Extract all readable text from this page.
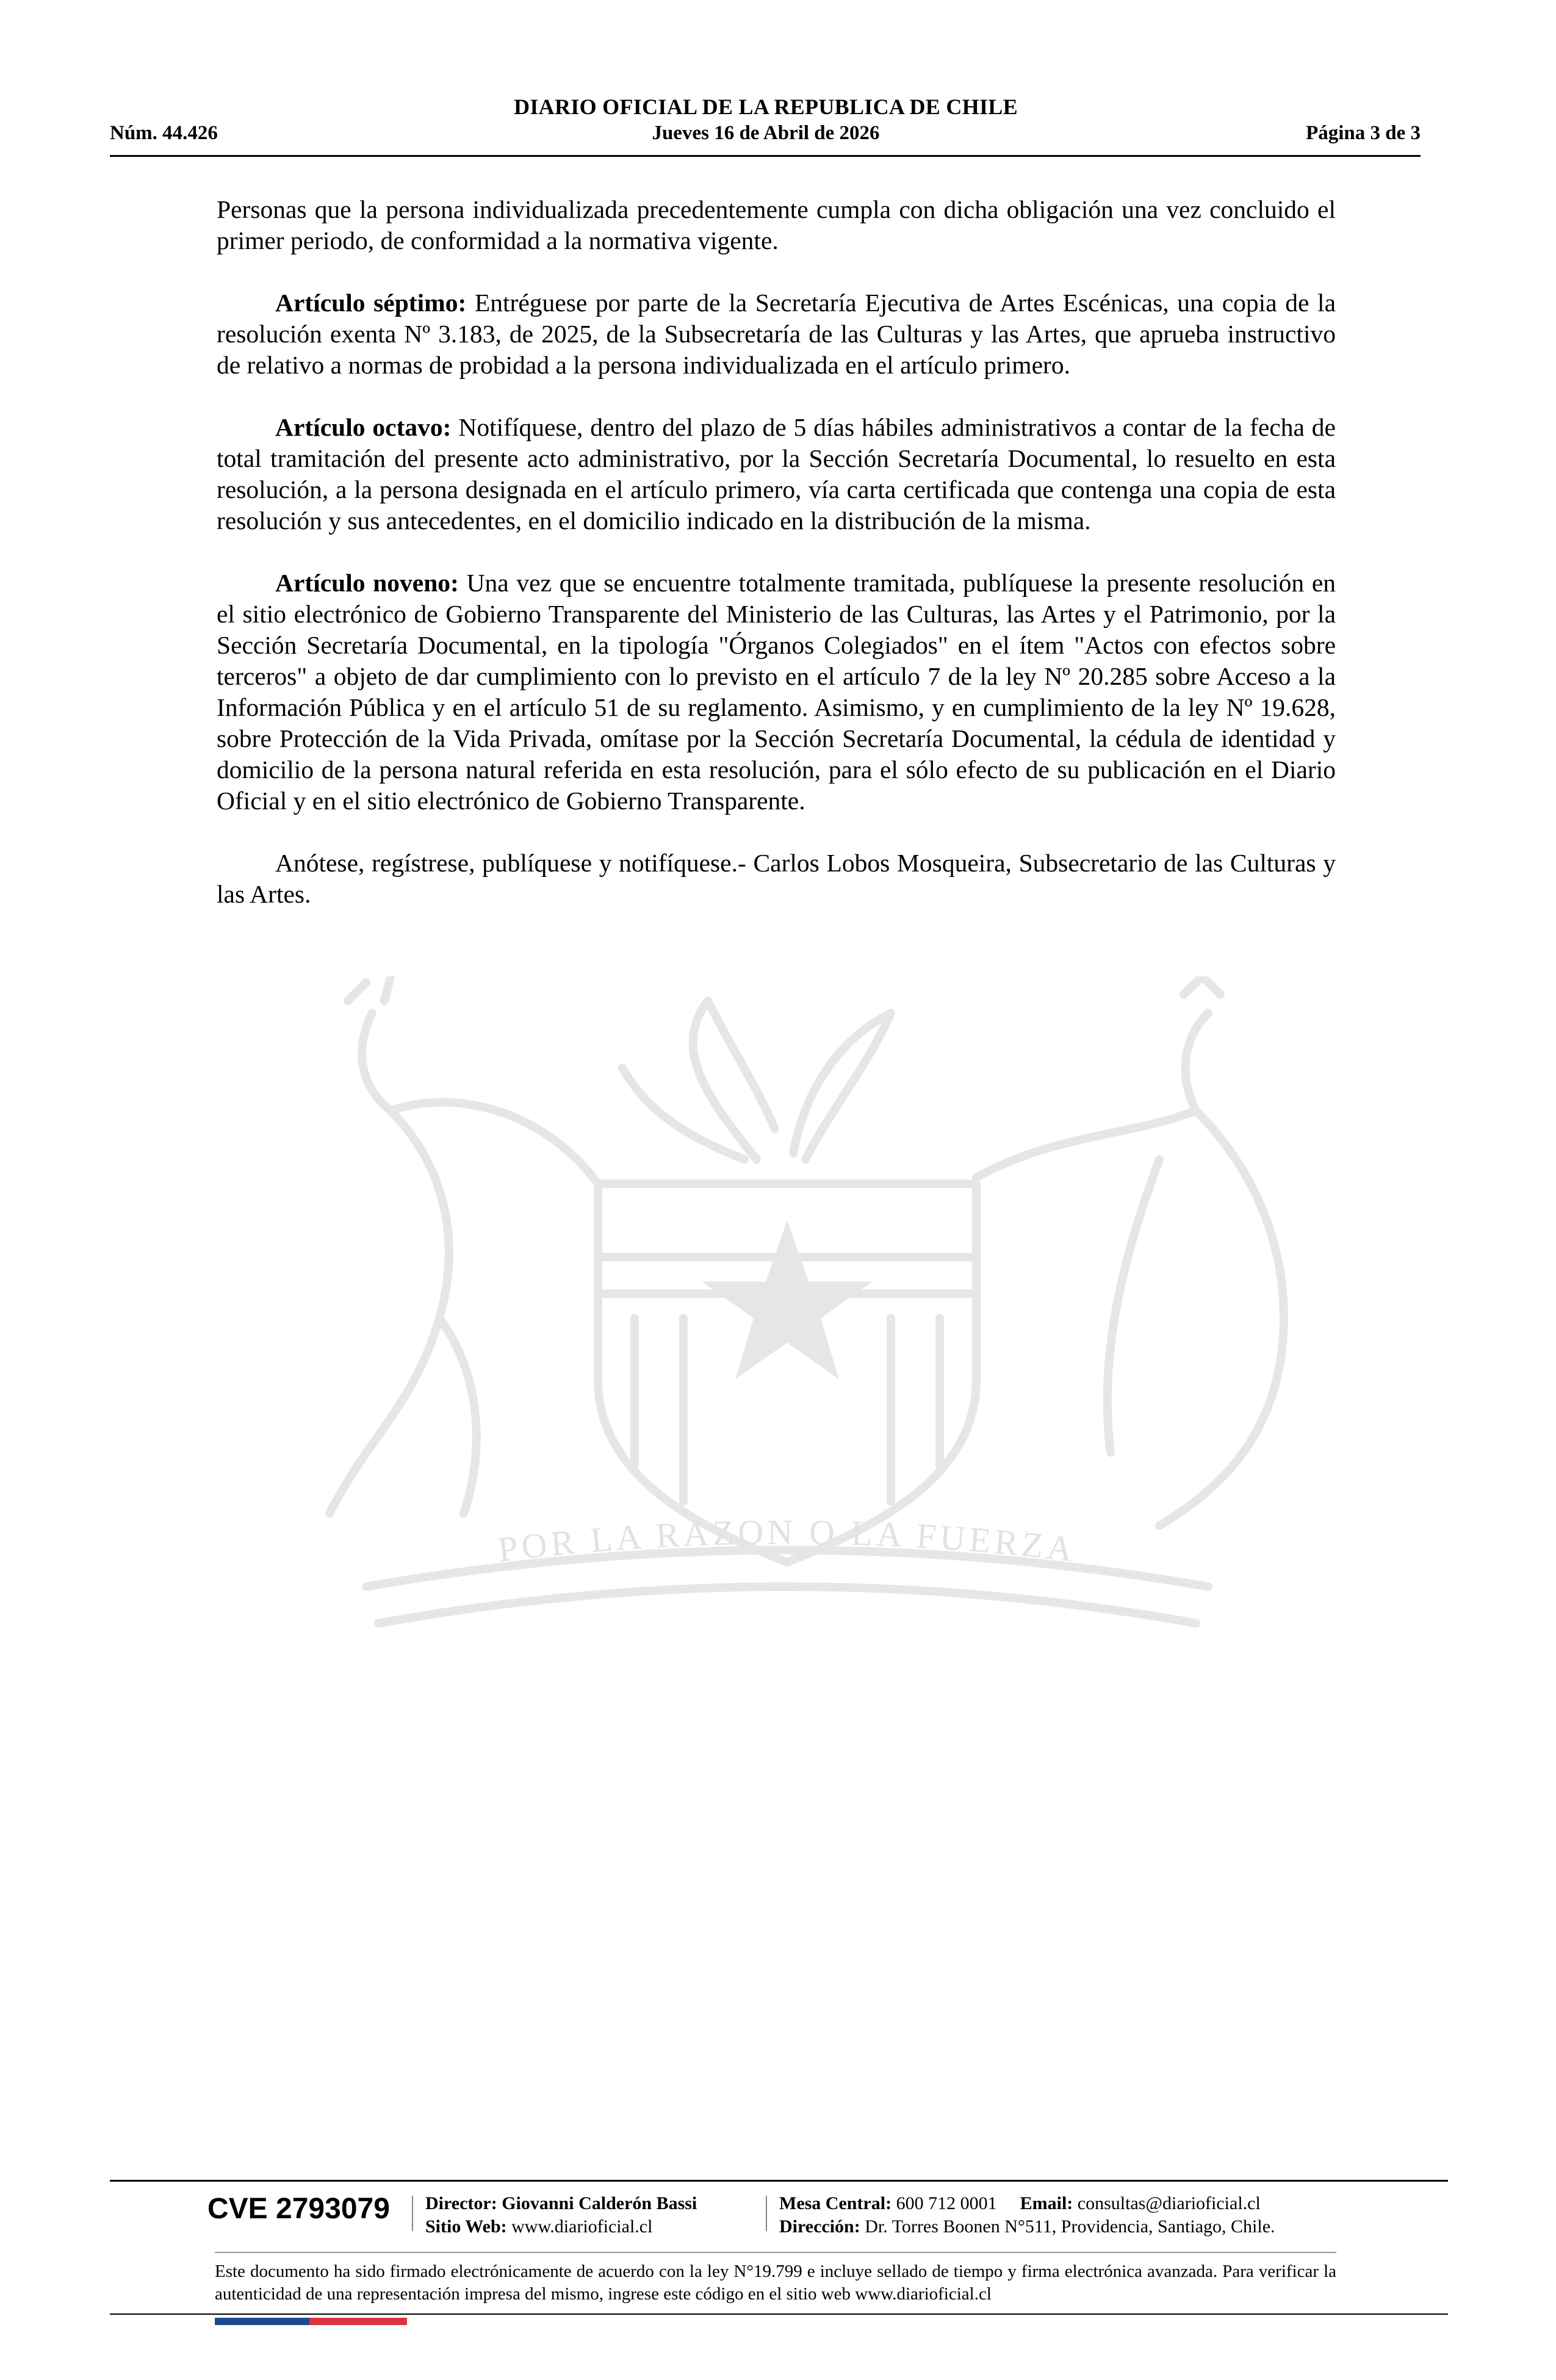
DIARIO OFICIAL DE LA REPUBLICA DE CHILE
Núm. 44.426	Jueves 16 de Abril de 2026	Página 3 de 3
POR LA RAZON O LA FUERZA

Personas que la persona individualizada precedentemente cumpla con dicha obligación una vez concluido el primer periodo, de conformidad a la normativa vigente.

Artículo séptimo: Entréguese por parte de la Secretaría Ejecutiva de Artes Escénicas, una copia de la resolución exenta Nº 3.183, de 2025, de la Subsecretaría de las Culturas y las Artes, que aprueba instructivo de relativo a normas de probidad a la persona individualizada en el artículo primero.

Artículo octavo: Notifíquese, dentro del plazo de 5 días hábiles administrativos a contar de la fecha de total tramitación del presente acto administrativo, por la Sección Secretaría Documental, lo resuelto en esta resolución, a la persona designada en el artículo primero, vía carta certificada que contenga una copia de esta resolución y sus antecedentes, en el domicilio indicado en la distribución de la misma.

Artículo noveno: Una vez que se encuentre totalmente tramitada, publíquese la presente resolución en el sitio electrónico de Gobierno Transparente del Ministerio de las Culturas, las Artes y el Patrimonio, por la Sección Secretaría Documental, en la tipología "Órganos Colegiados" en el ítem "Actos con efectos sobre terceros" a objeto de dar cumplimiento con lo previsto en el artículo 7 de la ley Nº 20.285 sobre Acceso a la Información Pública y en el artículo 51 de su reglamento. Asimismo, y en cumplimiento de la ley Nº 19.628, sobre Protección de la Vida Privada, omítase por la Sección Secretaría Documental, la cédula de identidad y domicilio de la persona natural referida en esta resolución, para el sólo efecto de su publicación en el Diario Oficial y en el sitio electrónico de Gobierno Transparente.

Anótese, regístrese, publíquese y notifíquese.- Carlos Lobos Mosqueira, Subsecretario de las Culturas y las Artes.

CVE 2793079	Director: Giovanni Calderón Bassi
Sitio Web: www.diarioficial.cl
Mesa Central: 600 712 0001 Email: consultas@diarioficial.cl
Dirección: Dr. Torres Boonen N°511, Providencia, Santiago, Chile.
Este documento ha sido firmado electrónicamente de acuerdo con la ley N°19.799 e incluye sellado de tiempo y firma electrónica avanzada. Para verificar la autenticidad de una representación impresa del mismo, ingrese este código en el sitio web www.diarioficial.cl
